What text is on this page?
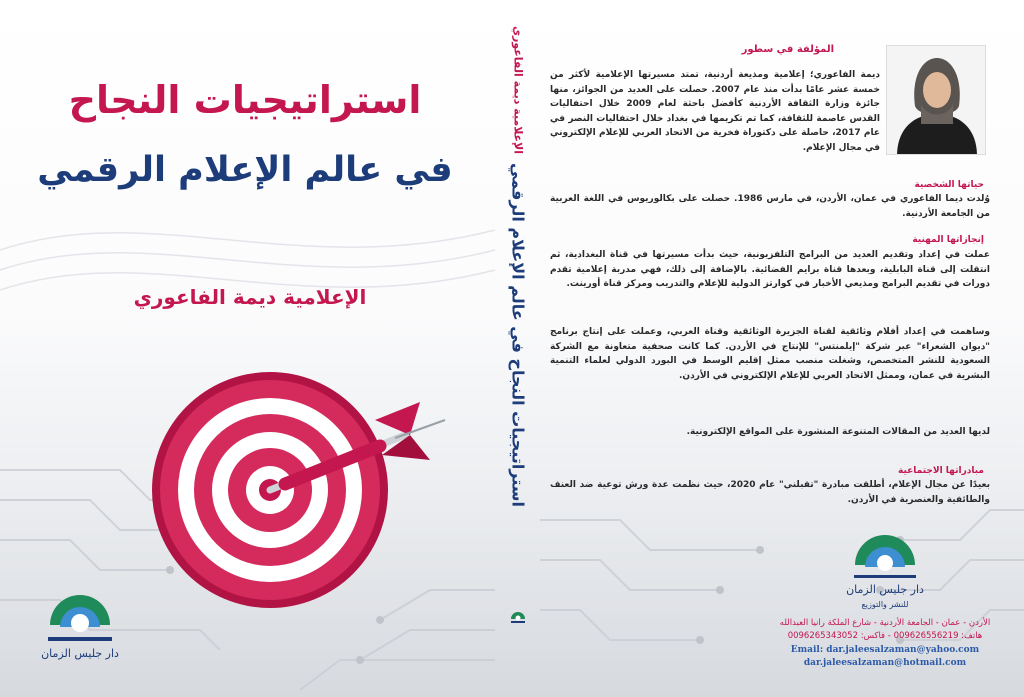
استراتيجيات النجاح
في عالم الإعلام الرقمي
الإعلامية ديمة الفاعوري
دار جليس الزمان
الإعلامية ديمة الفاعوري
استراتيجيات النجاح في عالم الإعلام الرقمي
المؤلفة في سطور
ديمة الفاعوري؛ إعلامية ومذيعة أردنية، تمتد مسيرتها الإعلامية لأكثر من خمسة عشر عامًا بدأت منذ عام 2007. حصلت على العديد من الجوائز، منها جائزة وزارة الثقافة الأردنية كأفضل باحثة لعام 2009 خلال احتفاليات القدس عاصمة للثقافة، كما تم تكريمها في بغداد خلال احتفاليات النصر في عام 2017، حاصلة على دكتوراة فخرية من الاتحاد العربي للإعلام الإلكتروني في مجال الإعلام.
حياتها الشخصية
وُلدت ديما الفاعوري في عمان، الأردن، في مارس 1986. حصلت على بكالوريوس في اللغة العربية من الجامعة الأردنية.
إنجازاتها المهنية
عملت في إعداد وتقديم العديد من البرامج التلفزيونية، حيث بدأت مسيرتها في قناة البغدادية، ثم انتقلت إلى قناة البابلية، وبعدها قناة برايم الفضائية. بالإضافة إلى ذلك، فهي مدربة إعلامية تقدم دورات في تقديم البرامج ومذيعي الأخبار في كوارتز الدولية للإعلام والتدريب ومركز قناة أورينت.
وساهمت في إعداد أفلام وثائقية لقناة الجزيرة الوثائقية وقناة العربي، وعملت على إنتاج برنامج "ديوان الشعراء" عبر شركة "إيلمنتس" للإنتاج في الأردن. كما كانت صحفية متعاونة مع الشركة السعودية للنشر المتخصص، وشغلت منصب ممثل إقليم الوسط في البورد الدولي لعلماء التنمية البشرية في عمان، وممثل الاتحاد العربي للإعلام الإلكتروني في الأردن.
لديها العديد من المقالات المتنوعة المنشورة على المواقع الإلكترونية.
مبادراتها الاجتماعية
بعيدًا عن مجال الإعلام، أطلقت مبادرة "تقبلني" عام 2020، حيث نظمت عدة ورش توعية ضد العنف والطائفية والعنصرية في الأردن.
دار جليس الزمان
للنشر والتوزيع
الأردن - عمان - الجامعة الأردنية - شارع الملكة رانيا العبدالله
هاتف: 00962655621​9 - فاكس: 0096265343052
Email: dar.jaleesalzaman@yahoo.com
dar.jaleesalzaman@hotmail.com
